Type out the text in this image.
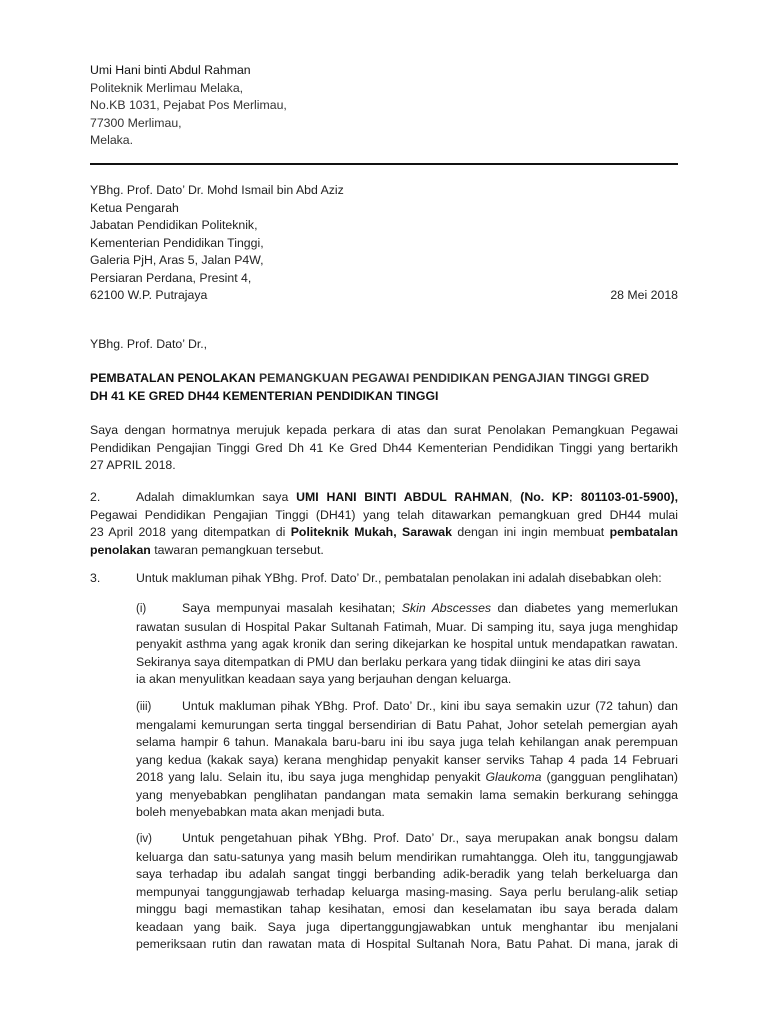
Umi Hani binti Abdul Rahman
Politeknik Merlimau Melaka,
No.KB 1031, Pejabat Pos Merlimau,
77300 Merlimau,
Melaka.
YBhg. Prof. Dato’ Dr. Mohd Ismail bin Abd Aziz
Ketua Pengarah
Jabatan Pendidikan Politeknik,
Kementerian Pendidikan Tinggi,
Galeria PjH, Aras 5, Jalan P4W,
Persiaran Perdana, Presint 4,
62100 W.P. Putrajaya	28 Mei 2018
YBhg. Prof. Dato’ Dr.,
PEMBATALAN PENOLAKAN PEMANGKUAN PEGAWAI PENDIDIKAN PENGAJIAN TINGGI GRED
DH 41 KE GRED DH44 KEMENTERIAN PENDIDIKAN TINGGI
Saya dengan hormatnya merujuk kepada perkara di atas dan surat Penolakan Pemangkuan Pegawai
Pendidikan Pengajian Tinggi Gred Dh 41 Ke Gred Dh44 Kementerian Pendidikan Tinggi yang bertarikh
27 APRIL 2018.
2.	Adalah dimaklumkan saya UMI HANI BINTI ABDUL RAHMAN, (No. KP: 801103-01-5900),
Pegawai Pendidikan Pengajian Tinggi (DH41) yang telah ditawarkan pemangkuan gred DH44 mulai
23 April 2018 yang ditempatkan di Politeknik Mukah, Sarawak dengan ini ingin membuat pembatalan
penolakan tawaran pemangkuan tersebut.
3.	Untuk makluman pihak YBhg. Prof. Dato’ Dr., pembatalan penolakan ini adalah disebabkan oleh:
(i)	Saya mempunyai masalah kesihatan; Skin Abscesses dan diabetes yang memerlukan
rawatan susulan di Hospital Pakar Sultanah Fatimah, Muar. Di samping itu, saya juga menghidap
penyakit asthma yang agak kronik dan sering dikejarkan ke hospital untuk mendapatkan rawatan.
Sekiranya saya ditempatkan di PMU dan berlaku perkara yang tidak diingini ke atas diri saya
ia akan menyulitkan keadaan saya yang berjauhan dengan keluarga.
(iii) Untuk makluman pihak YBhg. Prof. Dato’ Dr., kini ibu saya semakin uzur (72 tahun) dan
mengalami kemurungan serta tinggal bersendirian di Batu Pahat, Johor setelah pemergian ayah
selama hampir 6 tahun. Manakala baru-baru ini ibu saya juga telah kehilangan anak perempuan
yang kedua (kakak saya) kerana menghidap penyakit kanser serviks Tahap 4 pada 14 Februari
2018 yang lalu. Selain itu, ibu saya juga menghidap penyakit Glaukoma (gangguan penglihatan)
yang menyebabkan penglihatan pandangan mata semakin lama semakin berkurang sehingga
boleh menyebabkan mata akan menjadi buta.
(iv) Untuk pengetahuan pihak YBhg. Prof. Dato’ Dr., saya merupakan anak bongsu dalam
keluarga dan satu-satunya yang masih belum mendirikan rumahtangga. Oleh itu, tanggungjawab
saya terhadap ibu adalah sangat tinggi berbanding adik-beradik yang telah berkeluarga dan
mempunyai tanggungjawab terhadap keluarga masing-masing. Saya perlu berulang-alik setiap
minggu bagi memastikan tahap kesihatan, emosi dan keselamatan ibu saya berada dalam
keadaan yang baik. Saya juga dipertanggungjawabkan untuk menghantar ibu menjalani
pemeriksaan rutin dan rawatan mata di Hospital Sultanah Nora, Batu Pahat. Di mana, jarak di
